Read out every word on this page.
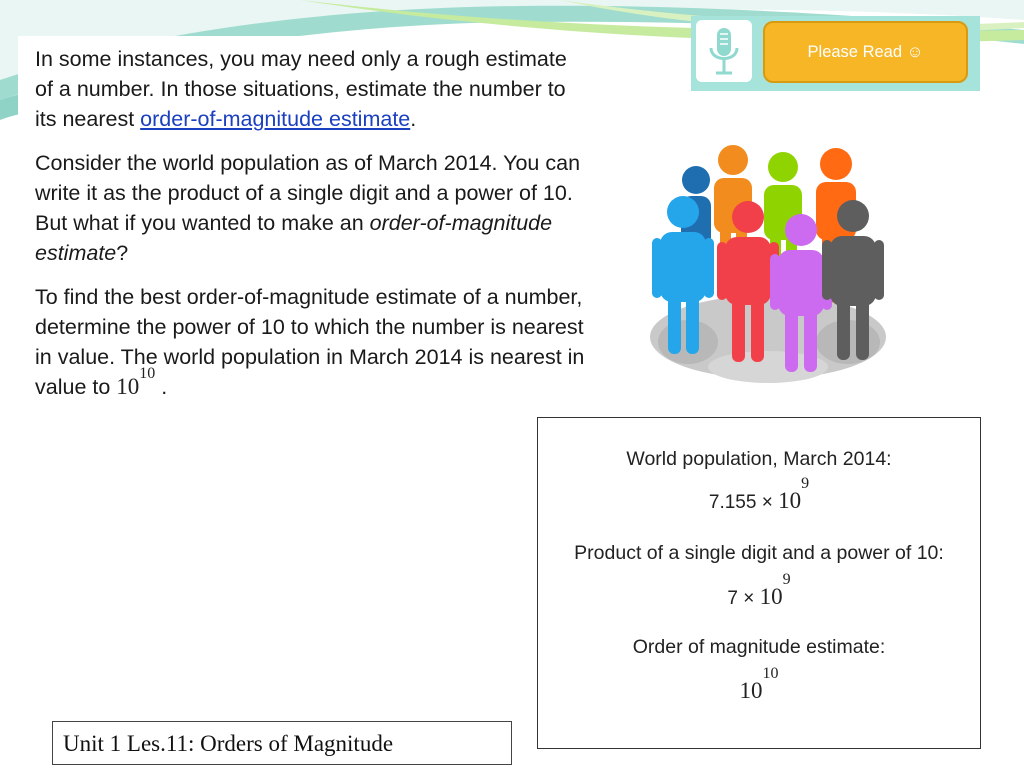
In some instances, you may need only a rough estimate of a number. In those situations, estimate the number to its nearest order-of-magnitude estimate.

Consider the world population as of March 2014. You can write it as the product of a single digit and a power of 10. But what if you wanted to make an order-of-magnitude estimate?

To find the best order-of-magnitude estimate of a number, determine the power of 10 to which the number is nearest in value. The world population in March 2014 is nearest in value to $10^{10}$ .

Please Read ☺
World population, March 2014:
$7.155 \times 10^9$
Product of a single digit and a power of 10:
$7 \times 10^9$
Order of magnitude estimate:
$10^{10}$
Unit 1 Les.11: Orders of Magnitude
